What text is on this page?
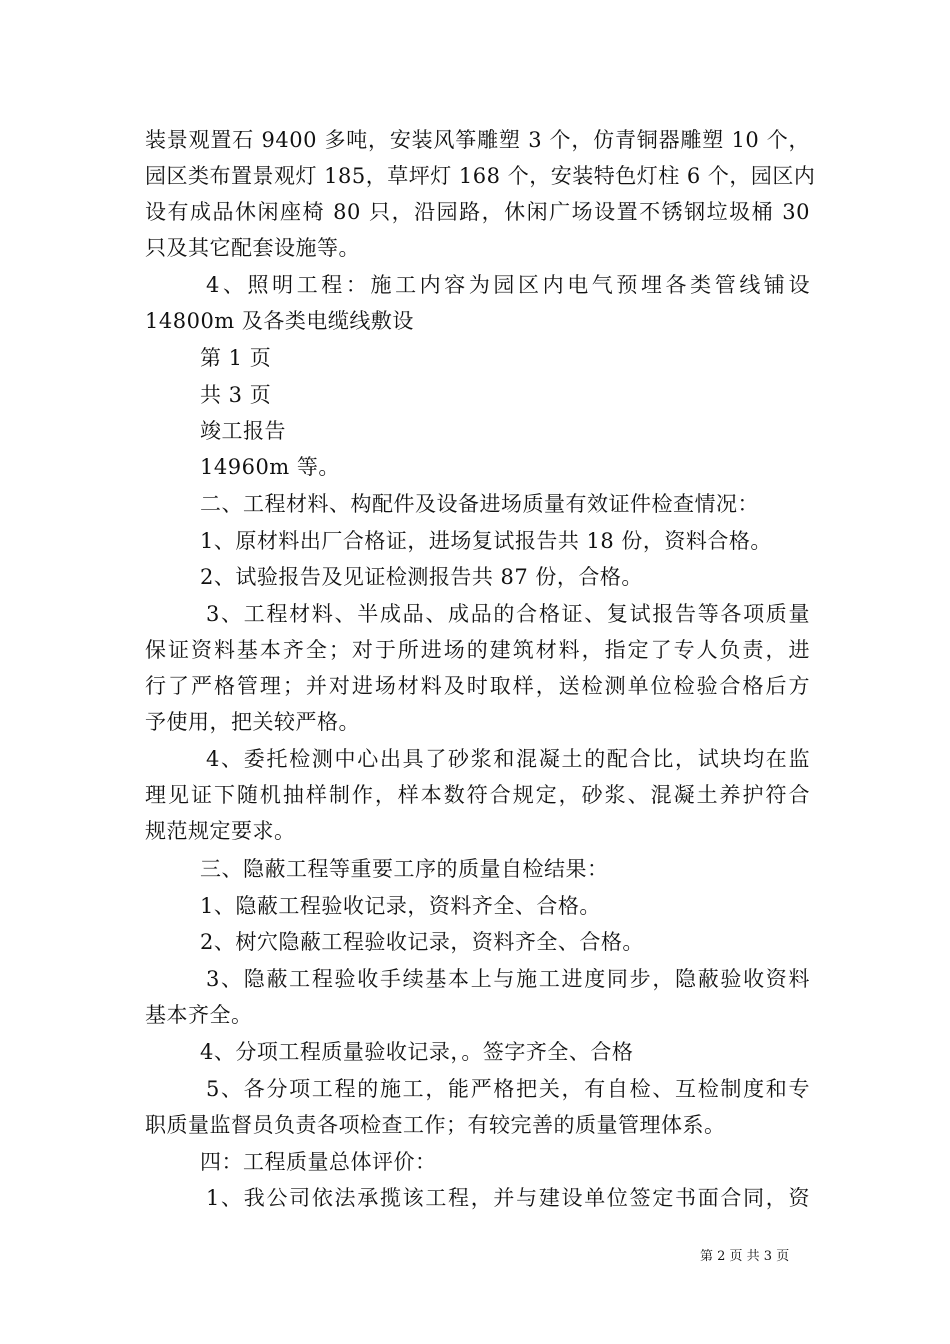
装景观置石 9400 多吨，安装风筝雕塑 3 个，仿青铜器雕塑 10 个，
园区类布置景观灯 185，草坪灯 168 个，安装特色灯柱 6 个，园区内
设有成品休闲座椅 80 只，沿园路，休闲广场设置不锈钢垃圾桶 30
只及其它配套设施等。
4、照明工程：施工内容为园区内电气预埋各类管线铺设
14800m 及各类电缆线敷设
第 1 页
共 3 页
竣工报告
14960m 等。
二、工程材料、构配件及设备进场质量有效证件检查情况：
1、原材料出厂合格证，进场复试报告共 18 份，资料合格。
2、试验报告及见证检测报告共 87 份，合格。
3、工程材料、半成品、成品的合格证、复试报告等各项质量
保证资料基本齐全；对于所进场的建筑材料，指定了专人负责，进
行了严格管理；并对进场材料及时取样，送检测单位检验合格后方
予使用，把关较严格。
4、委托检测中心出具了砂浆和混凝土的配合比，试块均在监
理见证下随机抽样制作，样本数符合规定，砂浆、混凝土养护符合
规范规定要求。
三、隐蔽工程等重要工序的质量自检结果：
1、隐蔽工程验收记录，资料齐全、合格。
2、树穴隐蔽工程验收记录，资料齐全、合格。
3、隐蔽工程验收手续基本上与施工进度同步，隐蔽验收资料
基本齐全。
4、分项工程质量验收记录，。签字齐全、合格
5、各分项工程的施工，能严格把关，有自检、互检制度和专
职质量监督员负责各项检查工作；有较完善的质量管理体系。
四：工程质量总体评价：
1、我公司依法承揽该工程，并与建设单位签定书面合同，资
第 2 页 共 3 页
